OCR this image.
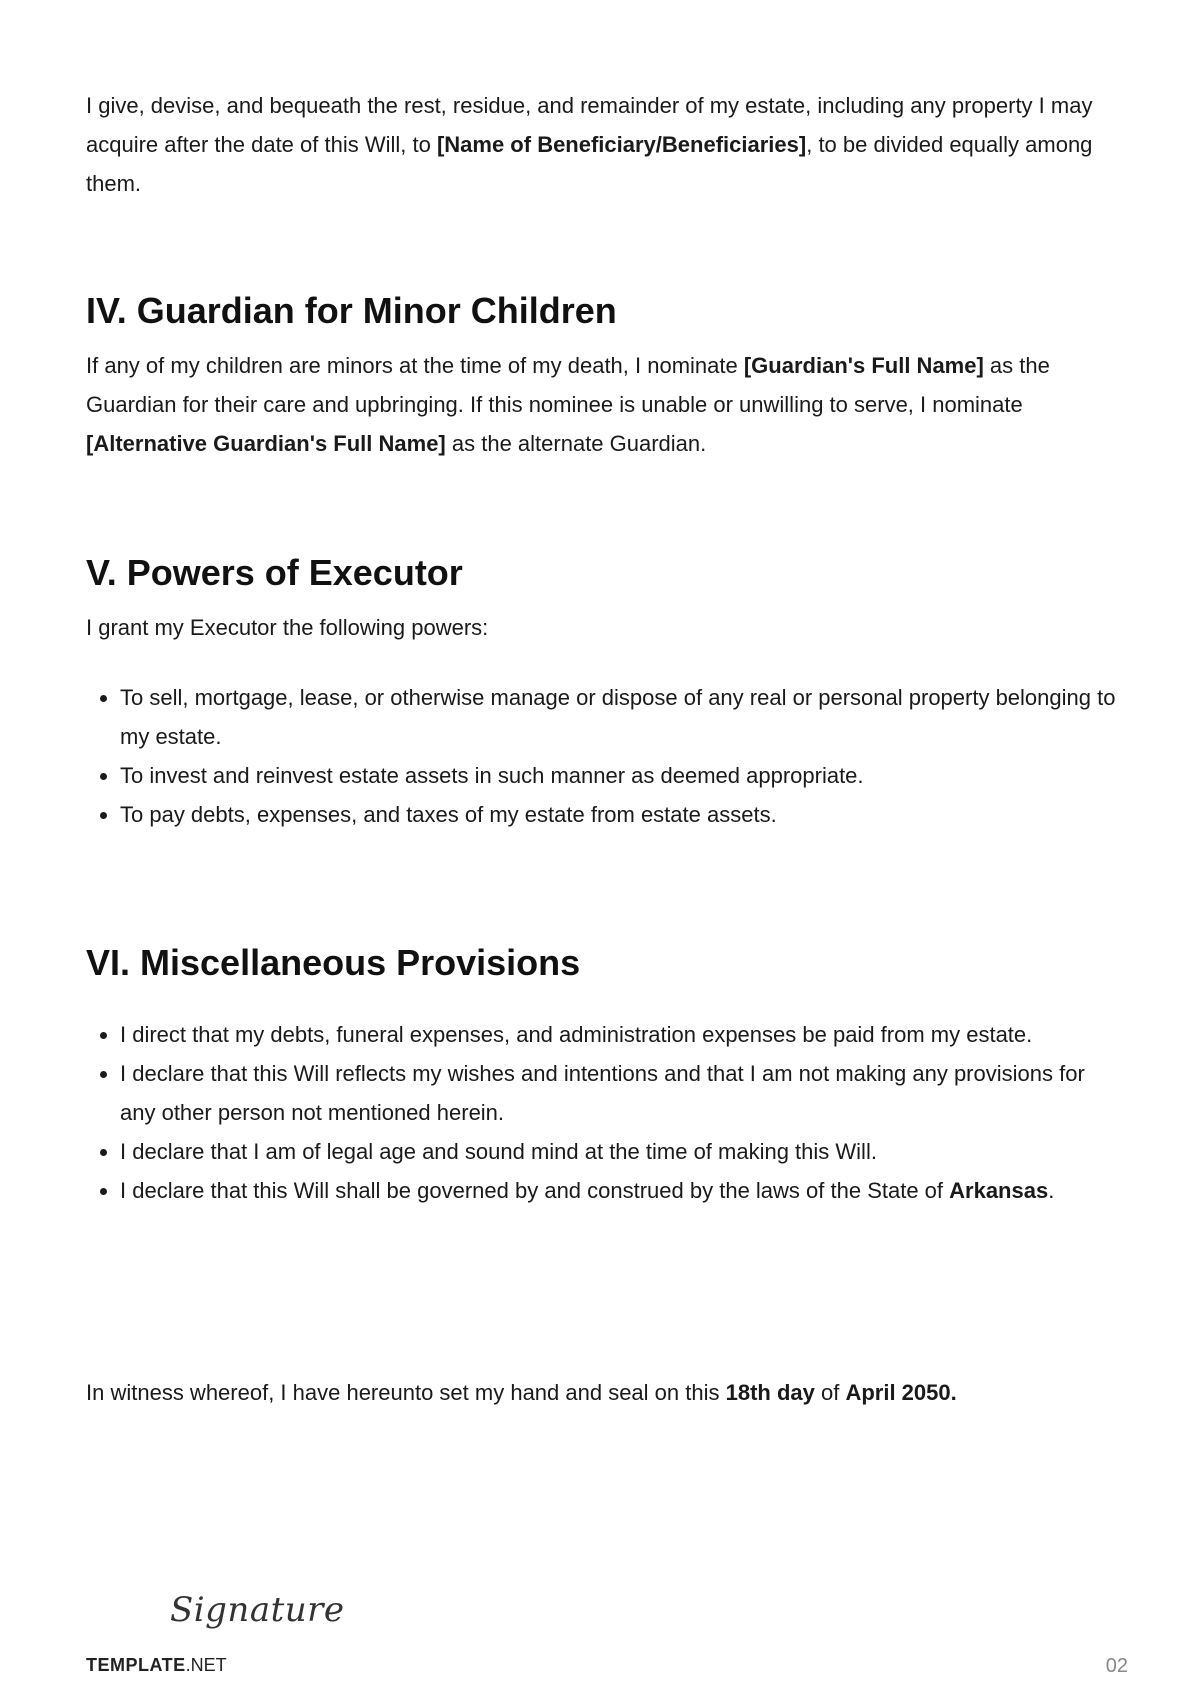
I give, devise, and bequeath the rest, residue, and remainder of my estate, including any property I may acquire after the date of this Will, to [Name of Beneficiary/Beneficiaries], to be divided equally among them.

IV. Guardian for Minor Children

If any of my children are minors at the time of my death, I nominate [Guardian's Full Name] as the Guardian for their care and upbringing. If this nominee is unable or unwilling to serve, I nominate [Alternative Guardian's Full Name] as the alternate Guardian.

V. Powers of Executor

I grant my Executor the following powers:

• To sell, mortgage, lease, or otherwise manage or dispose of any real or personal property belonging to my estate.
• To invest and reinvest estate assets in such manner as deemed appropriate.
• To pay debts, expenses, and taxes of my estate from estate assets.
VI. Miscellaneous Provisions
• I direct that my debts, funeral expenses, and administration expenses be paid from my estate.
• I declare that this Will reflects my wishes and intentions and that I am not making any provisions for any other person not mentioned herein.
• I declare that I am of legal age and sound mind at the time of making this Will.
• I declare that this Will shall be governed by and construed by the laws of the State of Arkansas.

In witness whereof, I have hereunto set my hand and seal on this 18th day of April 2050.

Signature
TEMPLATE.NET	02
